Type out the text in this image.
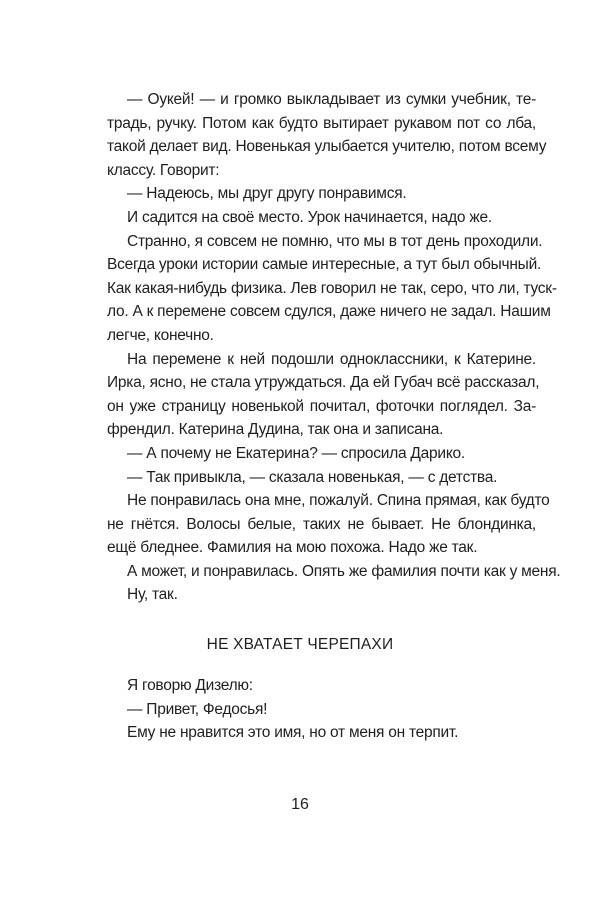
— Оукей! — и громко выкладывает из сумки учебник, те-
традь, ручку. Потом как будто вытирает рукавом пот со лба,
такой делает вид. Новенькая улыбается учителю, потом всему
классу. Говорит:
— Надеюсь, мы друг другу понравимся.
И садится на своё место. Урок начинается, надо же.
Странно, я совсем не помню, что мы в тот день проходили.
Всегда уроки истории самые интересные, а тут был обычный.
Как какая-нибудь физика. Лев говорил не так, серо, что ли, туск-
ло. А к перемене совсем сдулся, даже ничего не задал. Нашим
легче, конечно.
На перемене к ней подошли одноклассники, к Катерине.
Ирка, ясно, не стала утруждаться. Да ей Губач всё рассказал,
он уже страницу новенькой почитал, фоточки поглядел. За-
френдил. Катерина Дудина, так она и записана.
— А почему не Екатерина? — спросила Дарико.
— Так привыкла, — сказала новенькая, — с детства.
Не понравилась она мне, пожалуй. Спина прямая, как будто
не гнётся. Волосы белые, таких не бывает. Не блондинка,
ещё бледнее. Фамилия на мою похожа. Надо же так.
А может, и понравилась. Опять же фамилия почти как у меня.
Ну, так.
НЕ ХВАТАЕТ ЧЕРЕПАХИ
Я говорю Дизелю:
— Привет, Федосья!
Ему не нравится это имя, но от меня он терпит.
16
